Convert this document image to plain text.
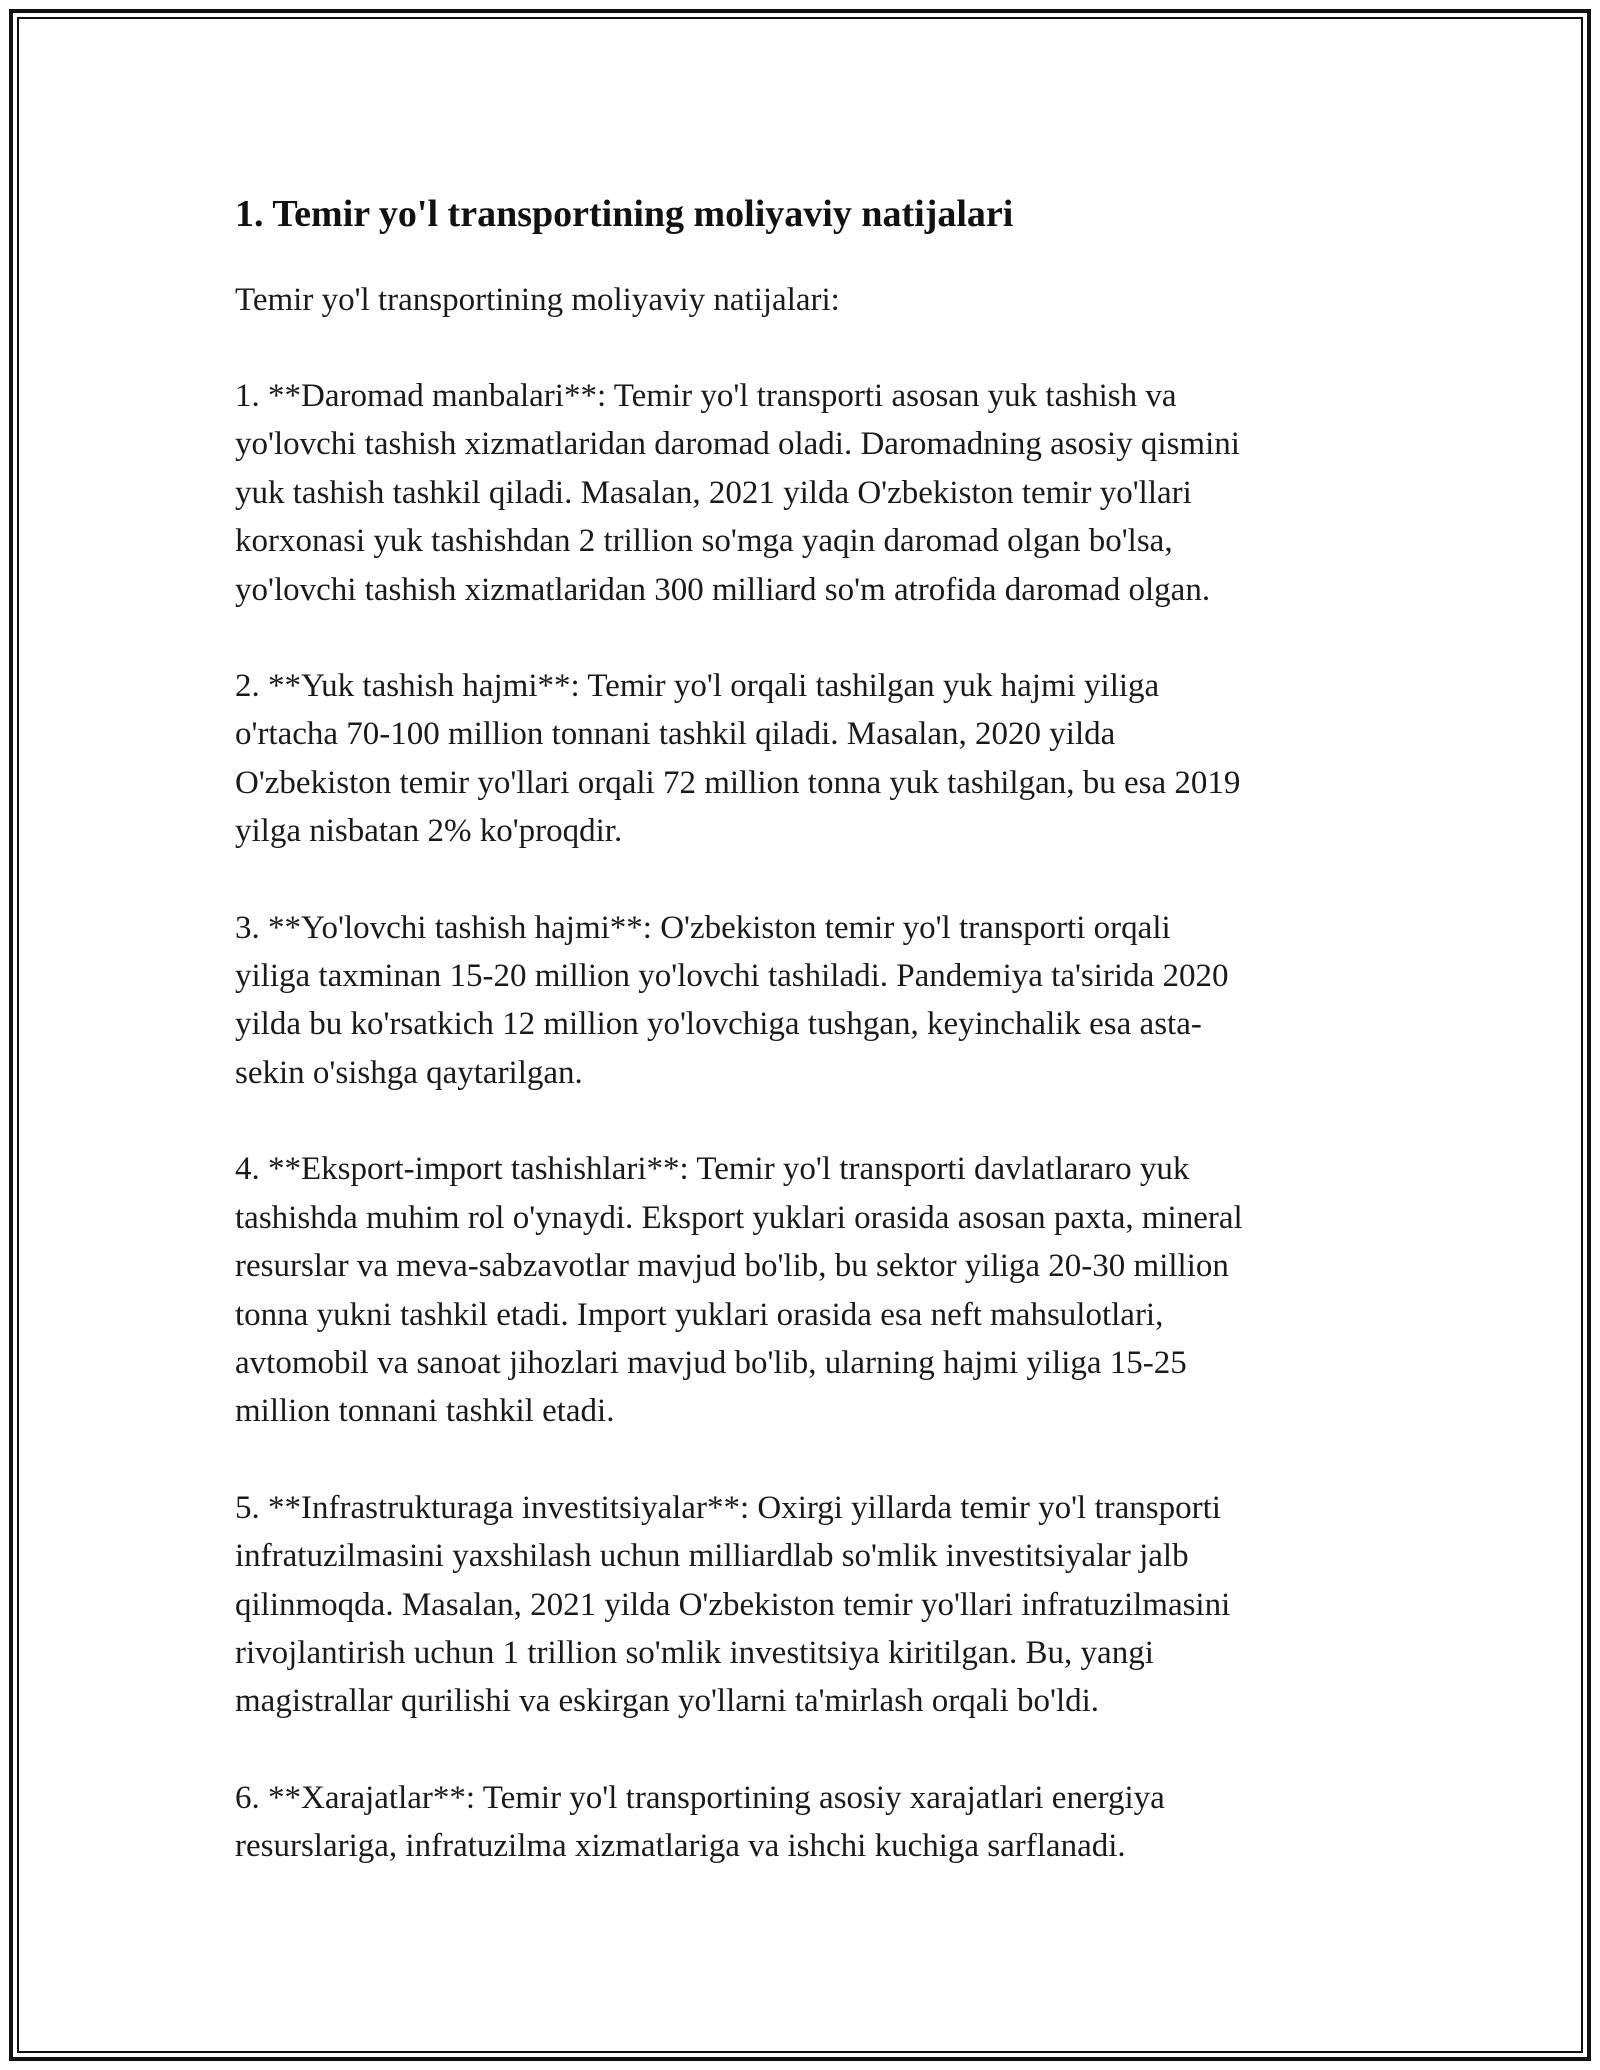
1. Temir yo'l transportining moliyaviy natijalari

Temir yo'l transportining moliyaviy natijalari:

1. **Daromad manbalari**: Temir yo'l transporti asosan yuk tashish va
yo'lovchi tashish xizmatlaridan daromad oladi. Daromadning asosiy qismini
yuk tashish tashkil qiladi. Masalan, 2021 yilda O'zbekiston temir yo'llari
korxonasi yuk tashishdan 2 trillion so'mga yaqin daromad olgan bo'lsa,
yo'lovchi tashish xizmatlaridan 300 milliard so'm atrofida daromad olgan.

2. **Yuk tashish hajmi**: Temir yo'l orqali tashilgan yuk hajmi yiliga
o'rtacha 70-100 million tonnani tashkil qiladi. Masalan, 2020 yilda
O'zbekiston temir yo'llari orqali 72 million tonna yuk tashilgan, bu esa 2019
yilga nisbatan 2% ko'proqdir.

3. **Yo'lovchi tashish hajmi**: O'zbekiston temir yo'l transporti orqali
yiliga taxminan 15-20 million yo'lovchi tashiladi. Pandemiya ta'sirida 2020
yilda bu ko'rsatkich 12 million yo'lovchiga tushgan, keyinchalik esa asta-
sekin o'sishga qaytarilgan.

4. **Eksport-import tashishlari**: Temir yo'l transporti davlatlararo yuk
tashishda muhim rol o'ynaydi. Eksport yuklari orasida asosan paxta, mineral
resurslar va meva-sabzavotlar mavjud bo'lib, bu sektor yiliga 20-30 million
tonna yukni tashkil etadi. Import yuklari orasida esa neft mahsulotlari,
avtomobil va sanoat jihozlari mavjud bo'lib, ularning hajmi yiliga 15-25
million tonnani tashkil etadi.

5. **Infrastrukturaga investitsiyalar**: Oxirgi yillarda temir yo'l transporti
infratuzilmasini yaxshilash uchun milliardlab so'mlik investitsiyalar jalb
qilinmoqda. Masalan, 2021 yilda O'zbekiston temir yo'llari infratuzilmasini
rivojlantirish uchun 1 trillion so'mlik investitsiya kiritilgan. Bu, yangi
magistrallar qurilishi va eskirgan yo'llarni ta'mirlash orqali bo'ldi.

6. **Xarajatlar**: Temir yo'l transportining asosiy xarajatlari energiya
resurslariga, infratuzilma xizmatlariga va ishchi kuchiga sarflanadi.
